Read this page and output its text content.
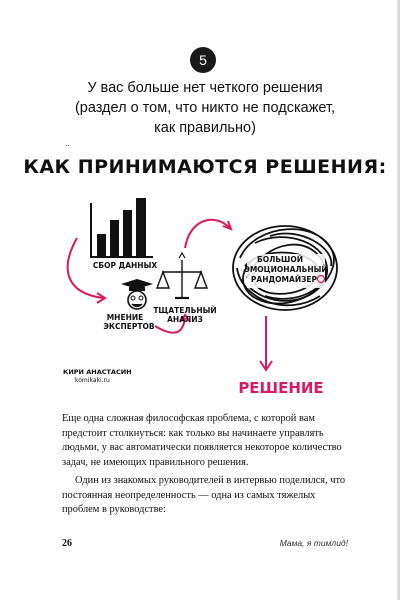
5
У вас больше нет четкого решения
(раздел о том, что никто не подскажет,
как правильно)
..
КАК ПРИНИМАЮТСЯ РЕШЕНИЯ:
СБОР ДАННЫХ
МНЕНИЕ
ЭКСПЕРТОВ
ТЩАТЕЛЬНЫЙ
АНАЛИЗ
БОЛЬШОЙ
ЭМОЦИОНАЛЬНЫЙ
РАНДОМАЙЗЕР
РЕШЕНИЕ
КИРИ АНАСТАСИН
komikaki.ru

Еще одна сложная философская проблема, с которой вам предстоит столкнуться: как только вы начинаете управлять людьми, у вас автоматически появляется некоторое количество задач, не имеющих правильного решения.

Один из знакомых руководителей в интервью поделился, что постоянная неопределенность — одна из самых тяжелых проблем в руководстве:

26	Мама, я тимлид!
